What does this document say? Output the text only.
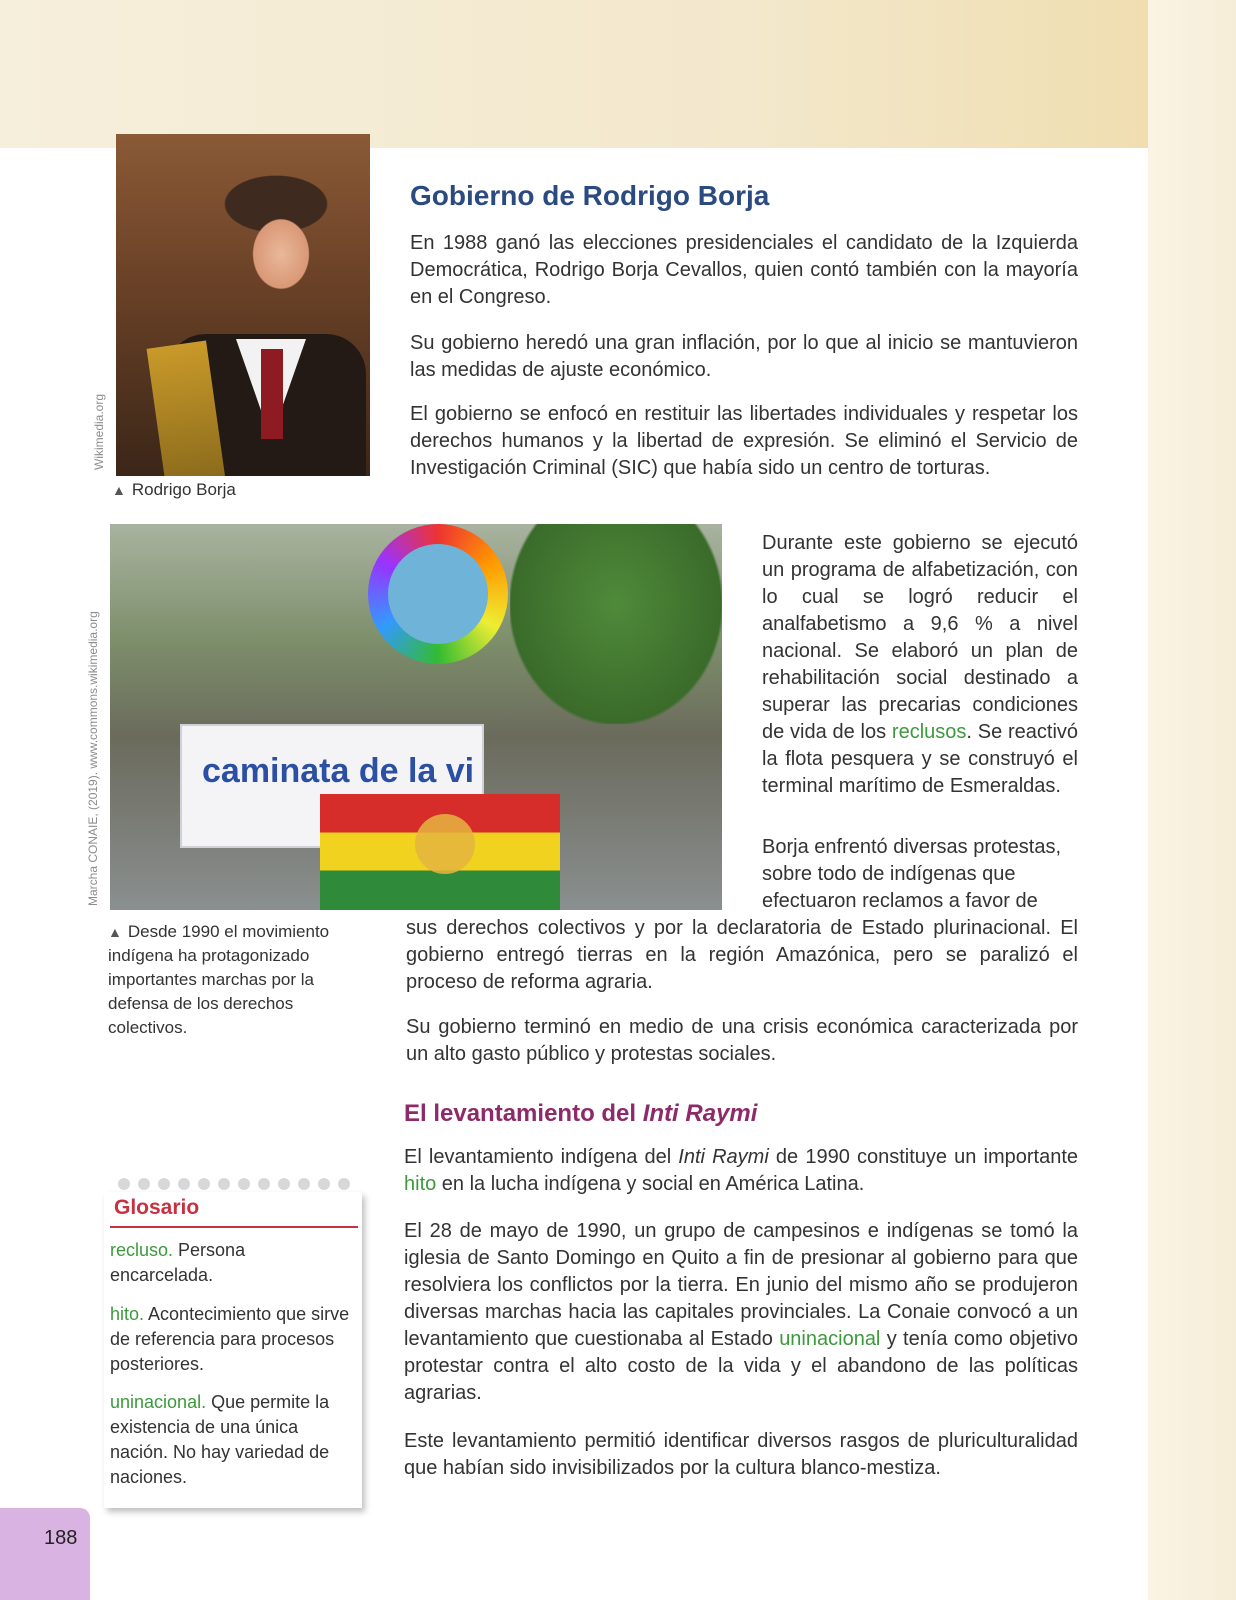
Wikimedia.org
▲ Rodrigo Borja
caminata de la vi
Marcha CONAIE, (2019). www.commons.wikimedia.org
▲ Desde 1990 el movimiento indígena ha protagonizado importantes marchas por la defensa de los derechos colectivos.
Gobierno de Rodrigo Borja
En 1988 ganó las elecciones presidenciales el candidato de la Izquierda Democrática, Rodrigo Borja Cevallos, quien contó también con la mayoría en el Congreso.
Su gobierno heredó una gran inflación, por lo que al inicio se mantuvieron las medidas de ajuste económico.
El gobierno se enfocó en restituir las libertades individuales y respetar los derechos humanos y la libertad de expresión. Se eliminó el Servicio de Investigación Criminal (SIC) que había sido un centro de torturas.
Durante este gobierno se ejecutó un programa de alfabetización, con lo cual se logró reducir el analfabetismo a 9,6 % a nivel nacional. Se elaboró un plan de rehabilitación social destinado a superar las precarias condiciones de vida de los reclusos. Se reactivó la flota pesquera y se construyó el terminal marítimo de Esmeraldas.
Borja enfrentó diversas protestas,
sobre todo de indígenas que
efectuaron reclamos a favor de
sus derechos colectivos y por la declaratoria de Estado plurinacional. El gobierno entregó tierras en la región Amazónica, pero se paralizó el proceso de reforma agraria.
Su gobierno terminó en medio de una crisis económica caracterizada por un alto gasto público y protestas sociales.
El levantamiento del Inti Raymi
El levantamiento indígena del Inti Raymi de 1990 constituye un importante hito en la lucha indígena y social en América Latina.
El 28 de mayo de 1990, un grupo de campesinos e indígenas se tomó la iglesia de Santo Domingo en Quito a fin de presionar al gobierno para que resolviera los conflictos por la tierra. En junio del mismo año se produjeron diversas marchas hacia las capitales provinciales. La Conaie convocó a un levantamiento que cuestionaba al Estado uninacional y tenía como objetivo protestar contra el alto costo de la vida y el abandono de las políticas agrarias.
Este levantamiento permitió identificar diversos rasgos de pluriculturalidad que habían sido invisibilizados por la cultura blanco-mestiza.
Glosario
recluso. Persona encarcelada.
hito. Acontecimiento que sirve de referencia para procesos posteriores.
uninacional. Que permite la existencia de una única nación. No hay variedad de naciones.
188
